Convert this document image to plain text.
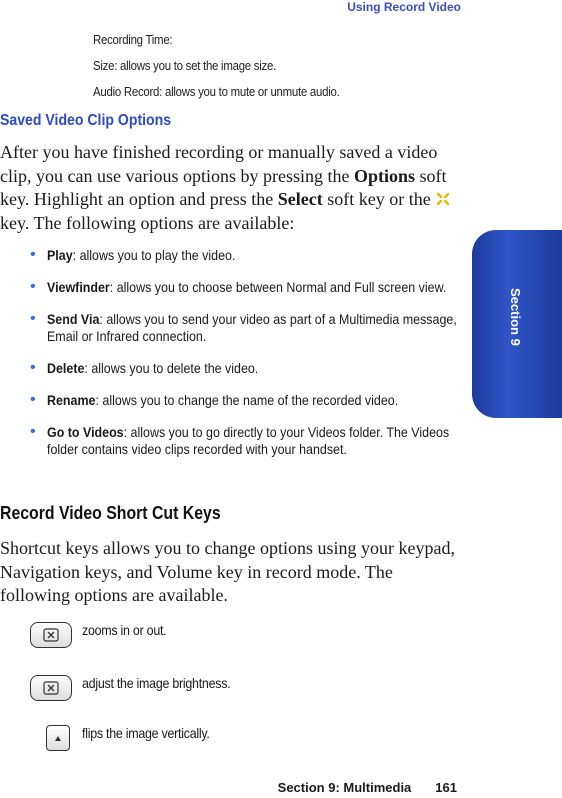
Using Record Video
Recording Time:
Size: allows you to set the image size.
Audio Record: allows you to mute or unmute audio.
Saved Video Clip Options
After you have finished recording or manually saved a video clip, you can use various options by pressing the Options soft key. Highlight an option and press the Select soft key or the  key. The following options are available:
• Play: allows you to play the video.
• Viewfinder: allows you to choose between Normal and Full screen view.
• Send Via: allows you to send your video as part of a Multimedia message, Email or Infrared connection.
• Delete: allows you to delete the video.
• Rename: allows you to change the name of the recorded video.
• Go to Videos: allows you to go directly to your Videos folder. The Videos folder contains video clips recorded with your handset.
Record Video Short Cut Keys
Shortcut keys allows you to change options using your keypad, Navigation keys, and Volume key in record mode. The following options are available.
zooms in or out.
adjust the image brightness.
flips the image vertically.
Section 9
Section 9: Multimedia 161
